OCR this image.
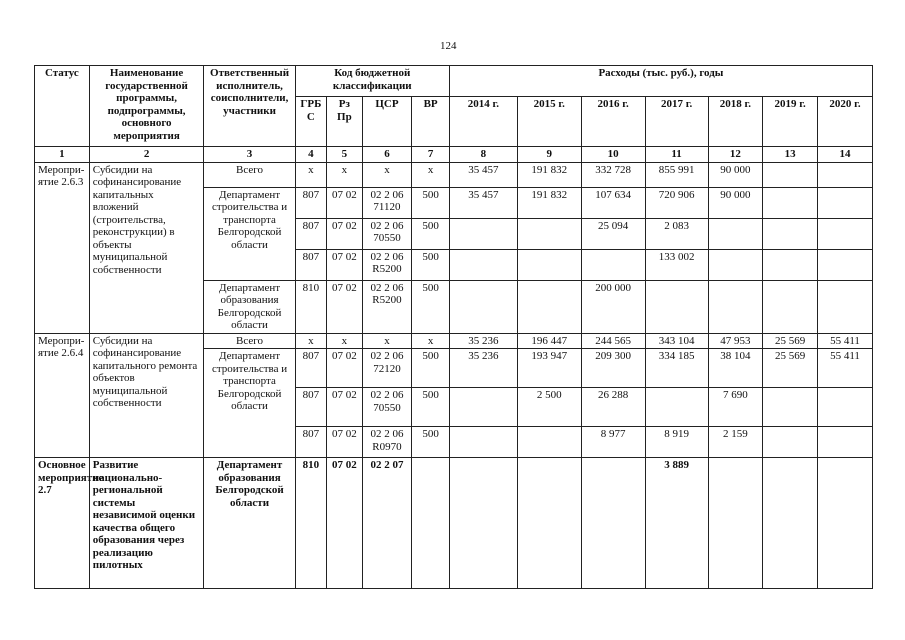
124
Статус	Наименование государственной программы, подпрограммы, основного мероприятия	Ответственный исполнитель, соисполнители, участники	Код бюджетной классификации				Расходы (тыс. руб.), годы						
			ГРБ С	Рз Пр	ЦСР	ВР	2014 г.	2015 г.	2016 г.	2017 г.	2018 г.	2019 г.	2020 г.
1	2	3	4	5	6	7	8	9	10	11	12	13	14
Меропри-ятие 2.6.3	Субсидии на софинансирование капитальных вложений (строительства, реконструкции) в объекты муниципальной собственности	Всего	х	х	х	х	35 457	191 832	332 728	855 991	90 000		
		Департамент строительства и транспорта Белгородской области	807	07 02	02 2 06 71120	500	35 457	191 832	107 634	720 906	90 000		
			807	07 02	02 2 06 70550	500			25 094	2 083			
			807	07 02	02 2 06 R5200	500				133 002			
		Департамент образования Белгородской области	810	07 02	02 2 06 R5200	500			200 000				
Меропри-ятие 2.6.4	Субсидии на софинансирование капитального ремонта объектов муниципальной собственности	Всего	х	х	х	х	35 236	196 447	244 565	343 104	47 953	25 569	55 411
		Департамент строительства и транспорта Белгородской области	807	07 02	02 2 06 72120	500	35 236	193 947	209 300	334 185	38 104	25 569	55 411
			807	07 02	02 2 06 70550	500		2 500	26 288		7 690		
			807	07 02	02 2 06 R0970	500			8 977	8 919	2 159		
Основное мероприятие 2.7	Развитие национально-региональной системы независимой оценки качества общего образования через реализацию пилотных	Департамент образования Белгородской области	810	07 02	02 2 07					3 889			
